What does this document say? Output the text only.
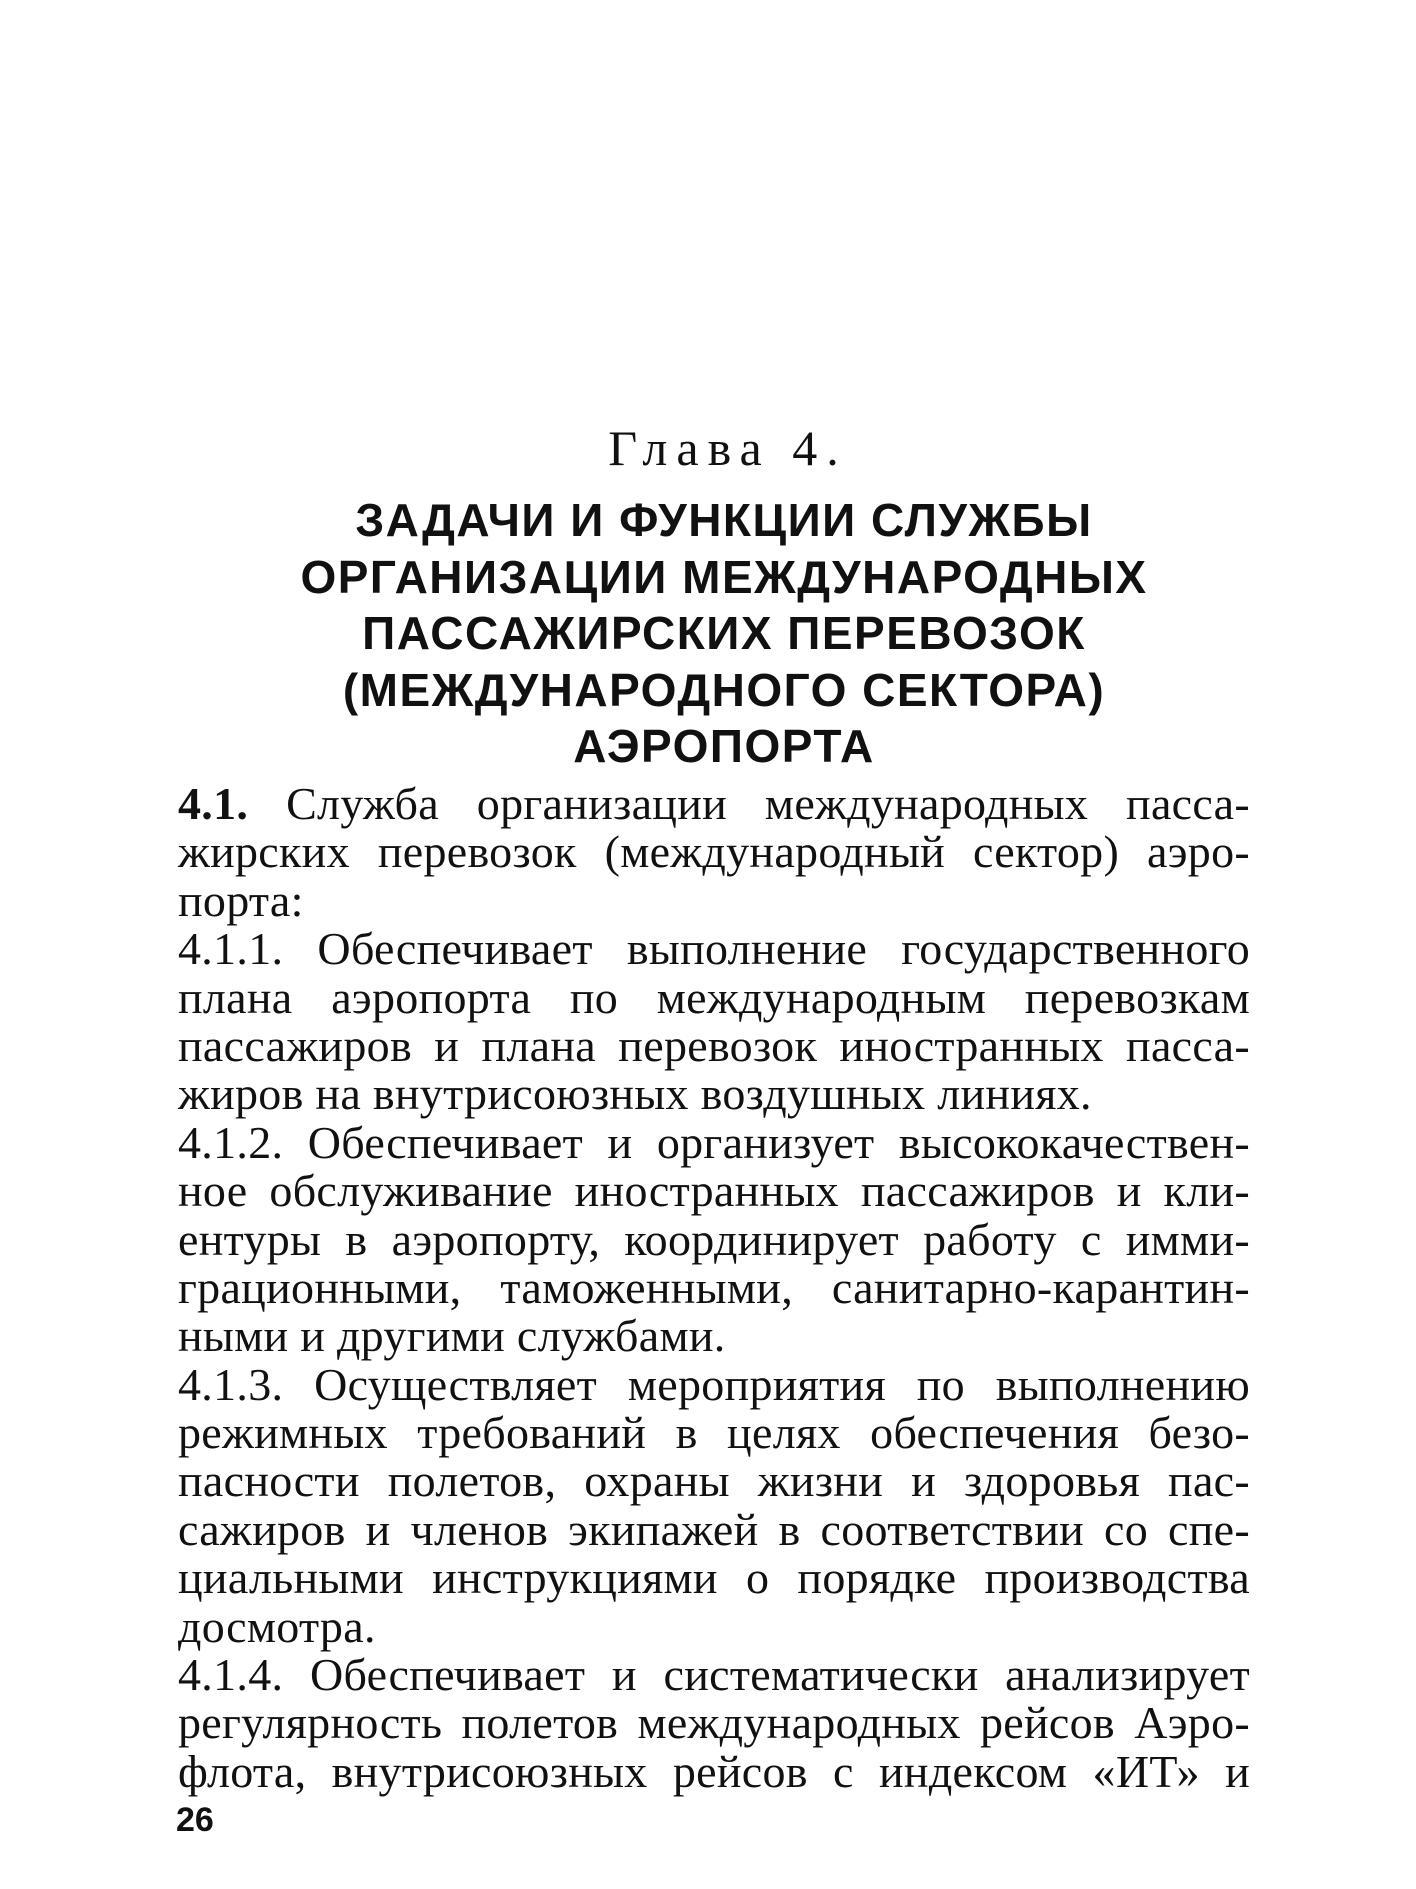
Глава 4.
ЗАДАЧИ И ФУНКЦИИ СЛУЖБЫ
ОРГАНИЗАЦИИ МЕЖДУНАРОДНЫХ
ПАССАЖИРСКИХ ПЕРЕВОЗОК
(МЕЖДУНАРОДНОГО СЕКТОРА)
АЭРОПОРТА
4.1. Служба организации международных пасса-
жирских перевозок (международный сектор) аэро-
порта:
4.1.1. Обеспечивает выполнение государственного
плана аэропорта по международным перевозкам
пассажиров и плана перевозок иностранных пасса-
жиров на внутрисоюзных воздушных линиях.
4.1.2. Обеспечивает и организует высококачествен-
ное обслуживание иностранных пассажиров и кли-
ентуры в аэропорту, координирует работу с имми-
грационными, таможенными, санитарно-карантин-
ными и другими службами.
4.1.3. Осуществляет мероприятия по выполнению
режимных требований в целях обеспечения безо-
пасности полетов, охраны жизни и здоровья пас-
сажиров и членов экипажей в соответствии со спе-
циальными инструкциями о порядке производства
досмотра.
4.1.4. Обеспечивает и систематически анализирует
регулярность полетов международных рейсов Аэро-
флота, внутрисоюзных рейсов с индексом «ИТ» и
26
